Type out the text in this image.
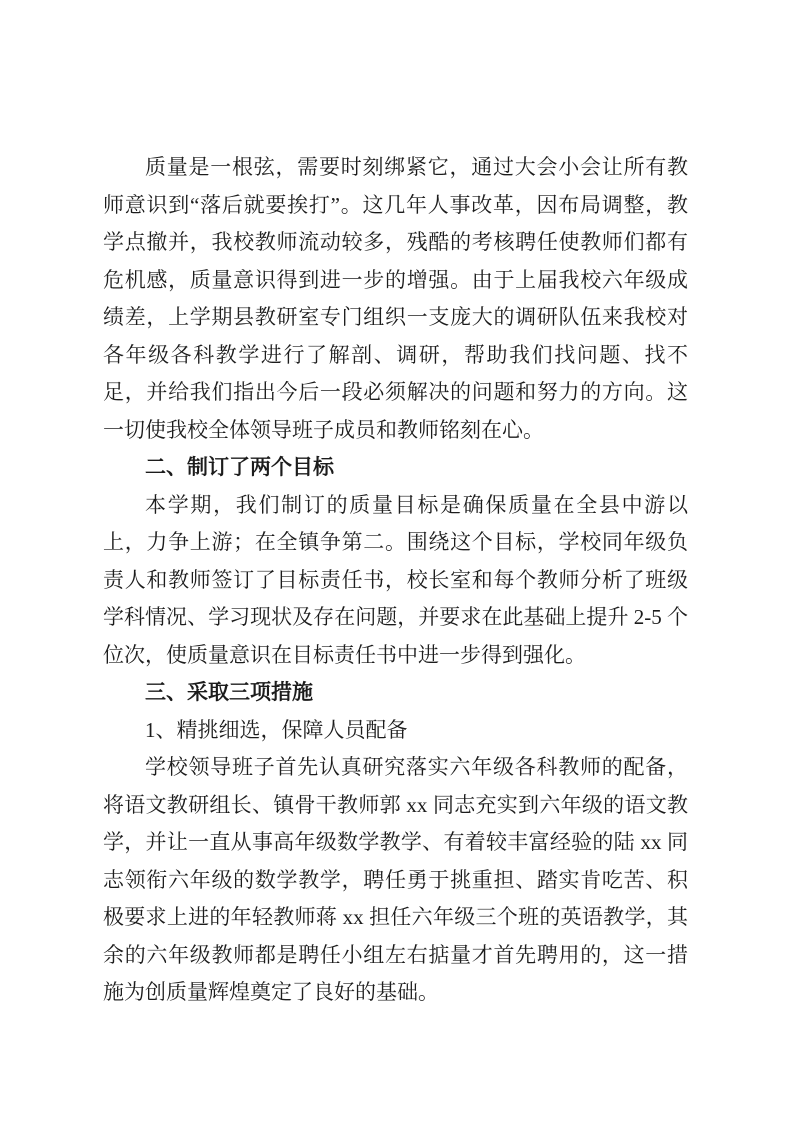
质量是一根弦，需要时刻绑紧它，通过大会小会让所有教师意识到“落后就要挨打”。这几年人事改革，因布局调整，教学点撤并，我校教师流动较多，残酷的考核聘任使教师们都有危机感，质量意识得到进一步的增强。由于上届我校六年级成绩差，上学期县教研室专门组织一支庞大的调研队伍来我校对各年级各科教学进行了解剖、调研，帮助我们找问题、找不足，并给我们指出今后一段必须解决的问题和努力的方向。这一切使我校全体领导班子成员和教师铭刻在心。

二、制订了两个目标

本学期，我们制订的质量目标是确保质量在全县中游以上，力争上游；在全镇争第二。围绕这个目标，学校同年级负责人和教师签订了目标责任书，校长室和每个教师分析了班级学科情况、学习现状及存在问题，并要求在此基础上提升 2-5 个位次，使质量意识在目标责任书中进一步得到强化。

三、采取三项措施

1、精挑细选，保障人员配备

学校领导班子首先认真研究落实六年级各科教师的配备，将语文教研组长、镇骨干教师郭 xx 同志充实到六年级的语文教学，并让一直从事高年级数学教学、有着较丰富经验的陆 xx 同志领衔六年级的数学教学，聘任勇于挑重担、踏实肯吃苦、积极要求上进的年轻教师蒋 xx 担任六年级三个班的英语教学，其余的六年级教师都是聘任小组左右掂量才首先聘用的，这一措施为创质量辉煌奠定了良好的基础。
